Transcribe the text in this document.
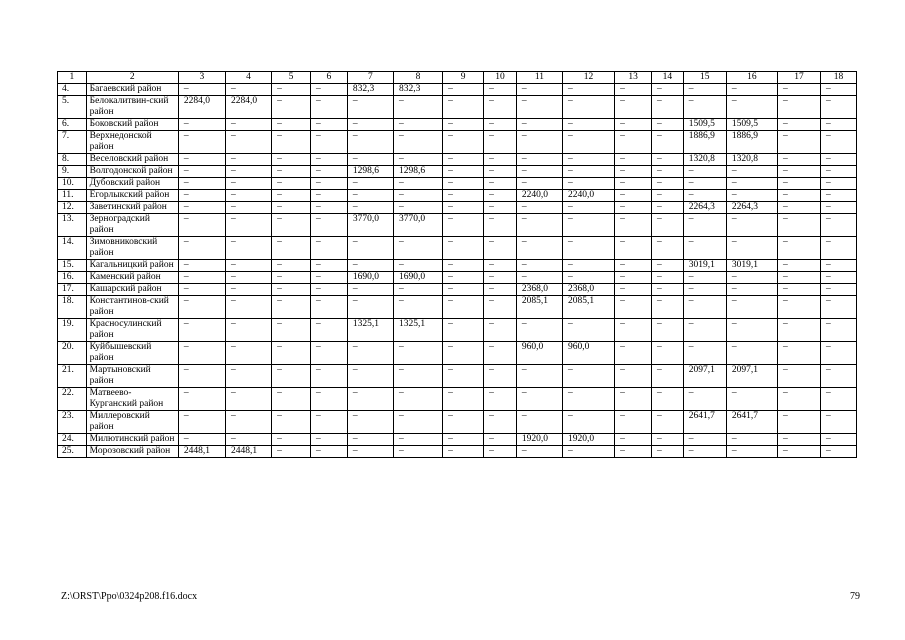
1	2	3	4	5	6	7	8	9	10	11	12	13	14	15	16	17	18
4.	Багаевский район	–	–	–	–	832,3	832,3	–	–	–	–	–	–	–	–	–	–
5.	Белокалитвин-ский район	2284,0	2284,0	–	–	–	–	–	–	–	–	–	–	–	–	–	–
6.	Боковский район	–	–	–	–	–	–	–	–	–	–	–	–	1509,5	1509,5	–	–
7.	Верхнедонской район	–	–	–	–	–	–	–	–	–	–	–	–	1886,9	1886,9	–	–
8.	Веселовский район	–	–	–	–	–	–	–	–	–	–	–	–	1320,8	1320,8	–	–
9.	Волгодонской район	–	–	–	–	1298,6	1298,6	–	–	–	–	–	–	–	–	–	–
10.	Дубовский район	–	–	–	–	–	–	–	–	–	–	–	–	–	–	–	–
11.	Егорлыкский район	–	–	–	–	–	–	–	–	2240,0	2240,0	–	–	–	–	–	–
12.	Заветинский район	–	–	–	–	–	–	–	–	–	–	–	–	2264,3	2264,3	–	–
13.	Зерноградский район	–	–	–	–	3770,0	3770,0	–	–	–	–	–	–	–	–	–	–
14.	Зимовниковский район	–	–	–	–	–	–	–	–	–	–	–	–	–	–	–	–
15.	Кагальницкий район	–	–	–	–	–	–	–	–	–	–	–	–	3019,1	3019,1	–	–
16.	Каменский район	–	–	–	–	1690,0	1690,0	–	–	–	–	–	–	–	–	–	–
17.	Кашарский район	–	–	–	–	–	–	–	–	2368,0	2368,0	–	–	–	–	–	–
18.	Константинов-ский район	–	–	–	–	–	–	–	–	2085,1	2085,1	–	–	–	–	–	–
19.	Красносулинский район	–	–	–	–	1325,1	1325,1	–	–	–	–	–	–	–	–	–	–
20.	Куйбышевский район	–	–	–	–	–	–	–	–	960,0	960,0	–	–	–	–	–	–
21.	Мартыновский район	–	–	–	–	–	–	–	–	–	–	–	–	2097,1	2097,1	–	–
22.	Матвеево-Курганский район	–	–	–	–	–	–	–	–	–	–	–	–	–	–	–	–
23.	Миллеровский район	–	–	–	–	–	–	–	–	–	–	–	–	2641,7	2641,7	–	–
24.	Милютинский район	–	–	–	–	–	–	–	–	1920,0	1920,0	–	–	–	–	–	–
25.	Морозовский район	2448,1	2448,1	–	–	–	–	–	–	–	–	–	–	–	–	–	–
Z:\ORST\Ppo\0324p208.f16.docx	79
